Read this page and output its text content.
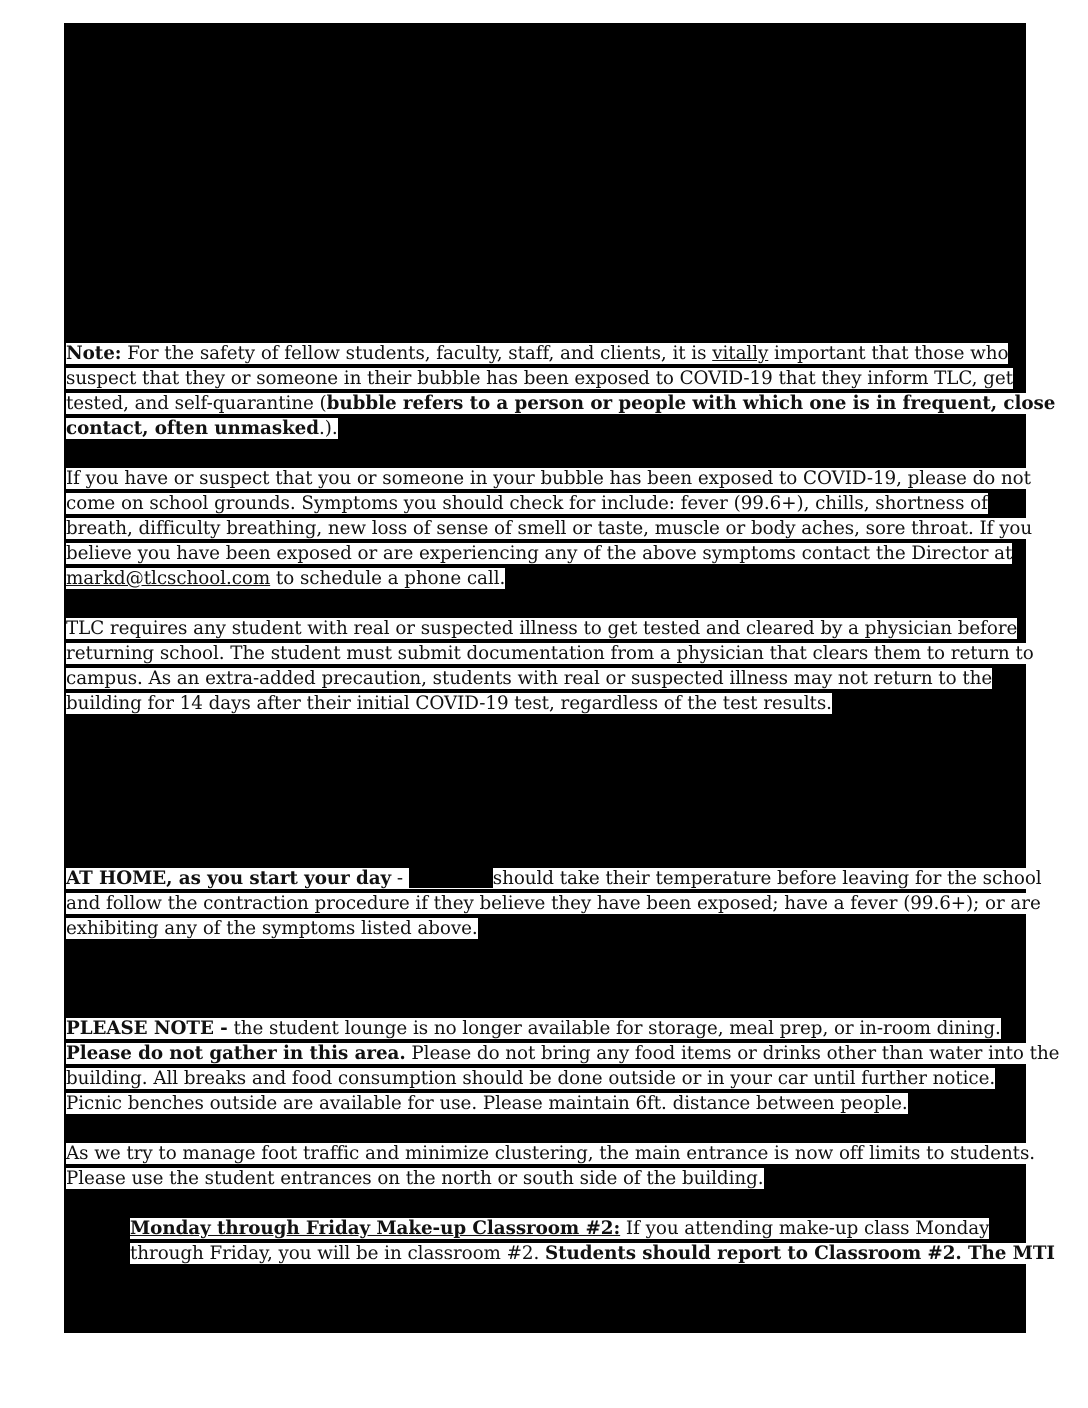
Note: For the safety of fellow students, faculty, staff, and clients, it is vitally important that those who
suspect that they or someone in their bubble has been exposed to COVID-19 that they inform TLC, get
tested, and self-quarantine (bubble refers to a person or people with which one is in frequent, close
contact, often unmasked.).
If you have or suspect that you or someone in your bubble has been exposed to COVID-19, please do not
come on school grounds. Symptoms you should check for include: fever (99.6+), chills, shortness of
breath, difficulty breathing, new loss of sense of smell or taste, muscle or body aches, sore throat. If you
believe you have been exposed or are experiencing any of the above symptoms contact the Director at
markd@tlcschool.com to schedule a phone call.
TLC requires any student with real or suspected illness to get tested and cleared by a physician before
returning school. The student must submit documentation from a physician that clears them to return to
campus. As an extra-added precaution, students with real or suspected illness may not return to the
building for 14 days after their initial COVID-19 test, regardless of the test results.
AT HOME, as you start your day -	should take their temperature before leaving for the school
and follow the contraction procedure if they believe they have been exposed; have a fever (99.6+); or are
exhibiting any of the symptoms listed above.
PLEASE NOTE - the student lounge is no longer available for storage, meal prep, or in-room dining.
Please do not gather in this area. Please do not bring any food items or drinks other than water into the
building. All breaks and food consumption should be done outside or in your car until further notice.
Picnic benches outside are available for use. Please maintain 6ft. distance between people.
As we try to manage foot traffic and minimize clustering, the main entrance is now off limits to students.
Please use the student entrances on the north or south side of the building.
Monday through Friday Make-up Classroom #2: If you attending make-up class Monday
through Friday, you will be in classroom #2. Students should report to Classroom #2. The MTI
